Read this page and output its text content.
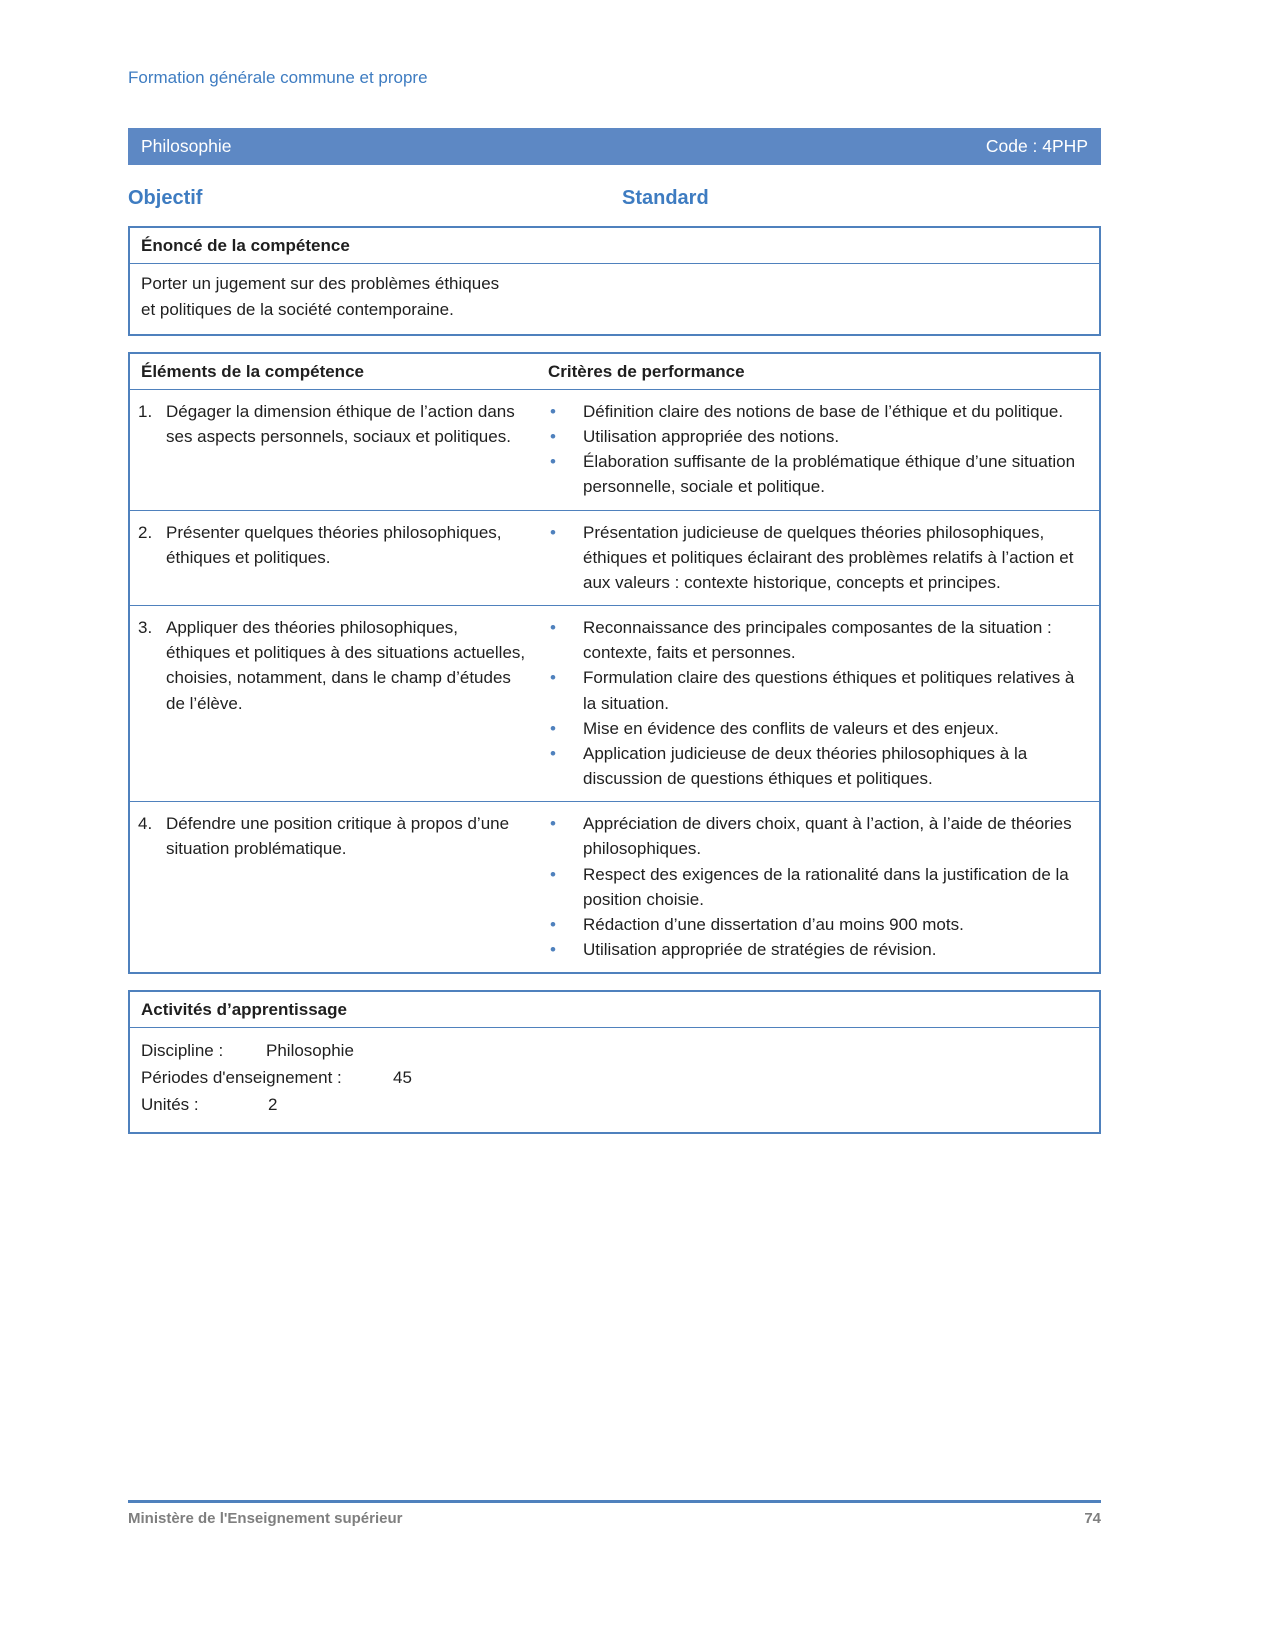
Formation générale commune et propre
Philosophie	Code : 4PHP
Objectif	Standard
Énoncé de la compétence

Porter un jugement sur des problèmes éthiques et politiques de la société contemporaine.

Éléments de la compétence	Critères de performance
1. Dégager la dimension éthique de l’action dans ses aspects personnels, sociaux et politiques.
• Définition claire des notions de base de l’éthique et du politique.
• Utilisation appropriée des notions.
• Élaboration suffisante de la problématique éthique d’une situation personnelle, sociale et politique.
2. Présenter quelques théories philosophiques, éthiques et politiques.
• Présentation judicieuse de quelques théories philosophiques, éthiques et politiques éclairant des problèmes relatifs à l’action et aux valeurs : contexte historique, concepts et principes.
3. Appliquer des théories philosophiques, éthiques et politiques à des situations actuelles, choisies, notamment, dans le champ d’études de l’élève.
• Reconnaissance des principales composantes de la situation : contexte, faits et personnes.
• Formulation claire des questions éthiques et politiques relatives à la situation.
• Mise en évidence des conflits de valeurs et des enjeux.
• Application judicieuse de deux théories philosophiques à la discussion de questions éthiques et politiques.
4. Défendre une position critique à propos d’une situation problématique.
• Appréciation de divers choix, quant à l’action, à l’aide de théories philosophiques.
• Respect des exigences de la rationalité dans la justification de la position choisie.
• Rédaction d’une dissertation d’au moins 900 mots.
• Utilisation appropriée de stratégies de révision.
Activités d’apprentissage
Discipline :	Philosophie
Périodes d'enseignement :	45
Unités :	2
Ministère de l'Enseignement supérieur	74
